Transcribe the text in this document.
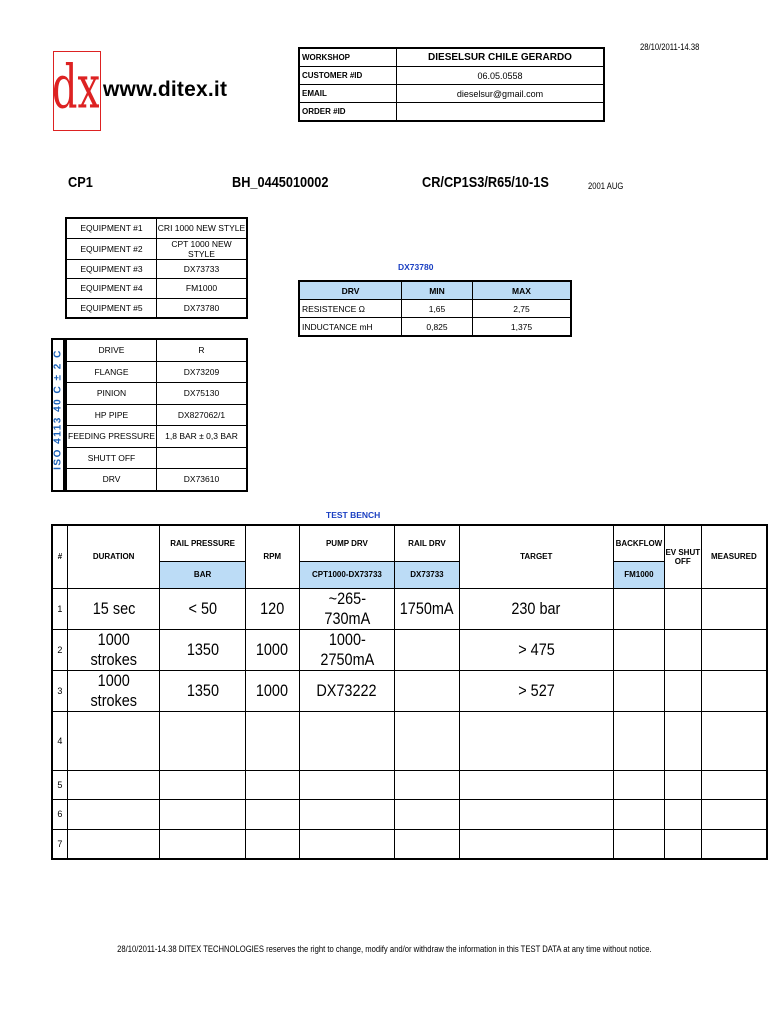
dx www.ditex.it
28/10/2011-14.38
WORKSHOP	DIESELSUR CHILE GERARDO
CUSTOMER #ID	06.05.0558
EMAIL	dieselsur@gmail.com
ORDER #ID	
CP1	BH_0445010002	CR/CP1S3/R65/10-1S	2001 AUG
EQUIPMENT #1	CRI 1000 NEW STYLE
EQUIPMENT #2	CPT 1000 NEW STYLE
EQUIPMENT #3	DX73733
EQUIPMENT #4	FM1000
EQUIPMENT #5	DX73780
DX73780
DRV	MIN	MAX
RESISTENCE Ω	1,65	2,75
INDUCTANCE mH	0,825	1,375
ISO 4113 40 C ± 2 C	DRIVE	R
FLANGE	DX73209
PINION	DX75130
HP PIPE	DX827062/1
FEEDING PRESSURE	1,8 BAR ± 0,3 BAR
SHUTT OFF	
DRV	DX73610
TEST BENCH
#	DURATION	RAIL PRESSURE	RPM	PUMP DRV	RAIL DRV	TARGET	BACKFLOW	EV SHUT OFF	MEASURED
		BAR		CPT1000-DX73733	DX73733		FM1000		
1	15 sec	< 50	120	~265-730mA	1750mA	230 bar			
2	1000 strokes	1350	1000	1000-2750mA		> 475			
3	1000 strokes	1350	1000	DX73222		> 527			
4									
5									
6									
7									
28/10/2011-14.38 DITEX TECHNOLOGIES reserves the right to change, modify and/or withdraw the information in this TEST DATA at any time without notice.
